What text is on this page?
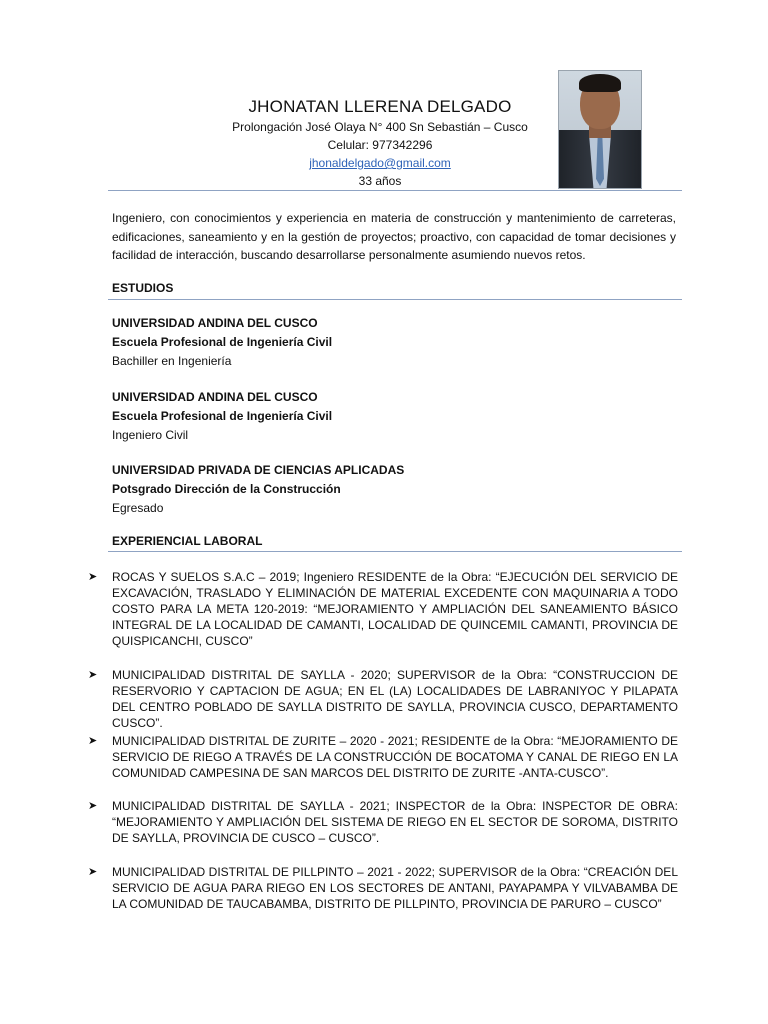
JHONATAN LLERENA DELGADO

Prolongación José Olaya N° 400 Sn Sebastián – Cusco

Celular: 977342296

jhonaldelgado@gmail.com

33 años

Ingeniero, con conocimientos y experiencia en materia de construcción y mantenimiento de carreteras, edificaciones, saneamiento y en la gestión de proyectos; proactivo, con capacidad de tomar decisiones y facilidad de interacción, buscando desarrollarse personalmente asumiendo nuevos retos.
ESTUDIOS
UNIVERSIDAD ANDINA DEL CUSCO
Escuela Profesional de Ingeniería Civil
Bachiller en Ingeniería
UNIVERSIDAD ANDINA DEL CUSCO
Escuela Profesional de Ingeniería Civil
Ingeniero Civil
UNIVERSIDAD PRIVADA DE CIENCIAS APLICADAS
Potsgrado Dirección de la Construcción
Egresado
EXPERIENCIAL LABORAL
➤ ROCAS Y SUELOS S.A.C – 2019; Ingeniero RESIDENTE de la Obra: “EJECUCIÓN DEL SERVICIO DE EXCAVACIÓN, TRASLADO Y ELIMINACIÓN DE MATERIAL EXCEDENTE CON MAQUINARIA A TODO COSTO PARA LA META 120-2019: “MEJORAMIENTO Y AMPLIACIÓN DEL SANEAMIENTO BÁSICO INTEGRAL DE LA LOCALIDAD DE CAMANTI, LOCALIDAD DE QUINCEMIL CAMANTI, PROVINCIA DE QUISPICANCHI, CUSCO”
➤ MUNICIPALIDAD DISTRITAL DE SAYLLA - 2020; SUPERVISOR de la Obra: “CONSTRUCCION DE RESERVORIO Y CAPTACION DE AGUA; EN EL (LA) LOCALIDADES DE LABRANIYOC Y PILAPATA DEL CENTRO POBLADO DE SAYLLA DISTRITO DE SAYLLA, PROVINCIA CUSCO, DEPARTAMENTO CUSCO”.
➤ MUNICIPALIDAD DISTRITAL DE ZURITE – 2020 - 2021; RESIDENTE de la Obra: “MEJORAMIENTO DE SERVICIO DE RIEGO A TRAVÉS DE LA CONSTRUCCIÓN DE BOCATOMA Y CANAL DE RIEGO EN LA COMUNIDAD CAMPESINA DE SAN MARCOS DEL DISTRITO DE ZURITE -ANTA-CUSCO”.
➤ MUNICIPALIDAD DISTRITAL DE SAYLLA - 2021; INSPECTOR de la Obra: INSPECTOR DE OBRA: “MEJORAMIENTO Y AMPLIACIÓN DEL SISTEMA DE RIEGO EN EL SECTOR DE SOROMA, DISTRITO DE SAYLLA, PROVINCIA DE CUSCO – CUSCO”.
➤ MUNICIPALIDAD DISTRITAL DE PILLPINTO – 2021 - 2022; SUPERVISOR de la Obra: “CREACIÓN DEL SERVICIO DE AGUA PARA RIEGO EN LOS SECTORES DE ANTANI, PAYAPAMPA Y VILVABAMBA DE LA COMUNIDAD DE TAUCABAMBA, DISTRITO DE PILLPINTO, PROVINCIA DE PARURO – CUSCO”
